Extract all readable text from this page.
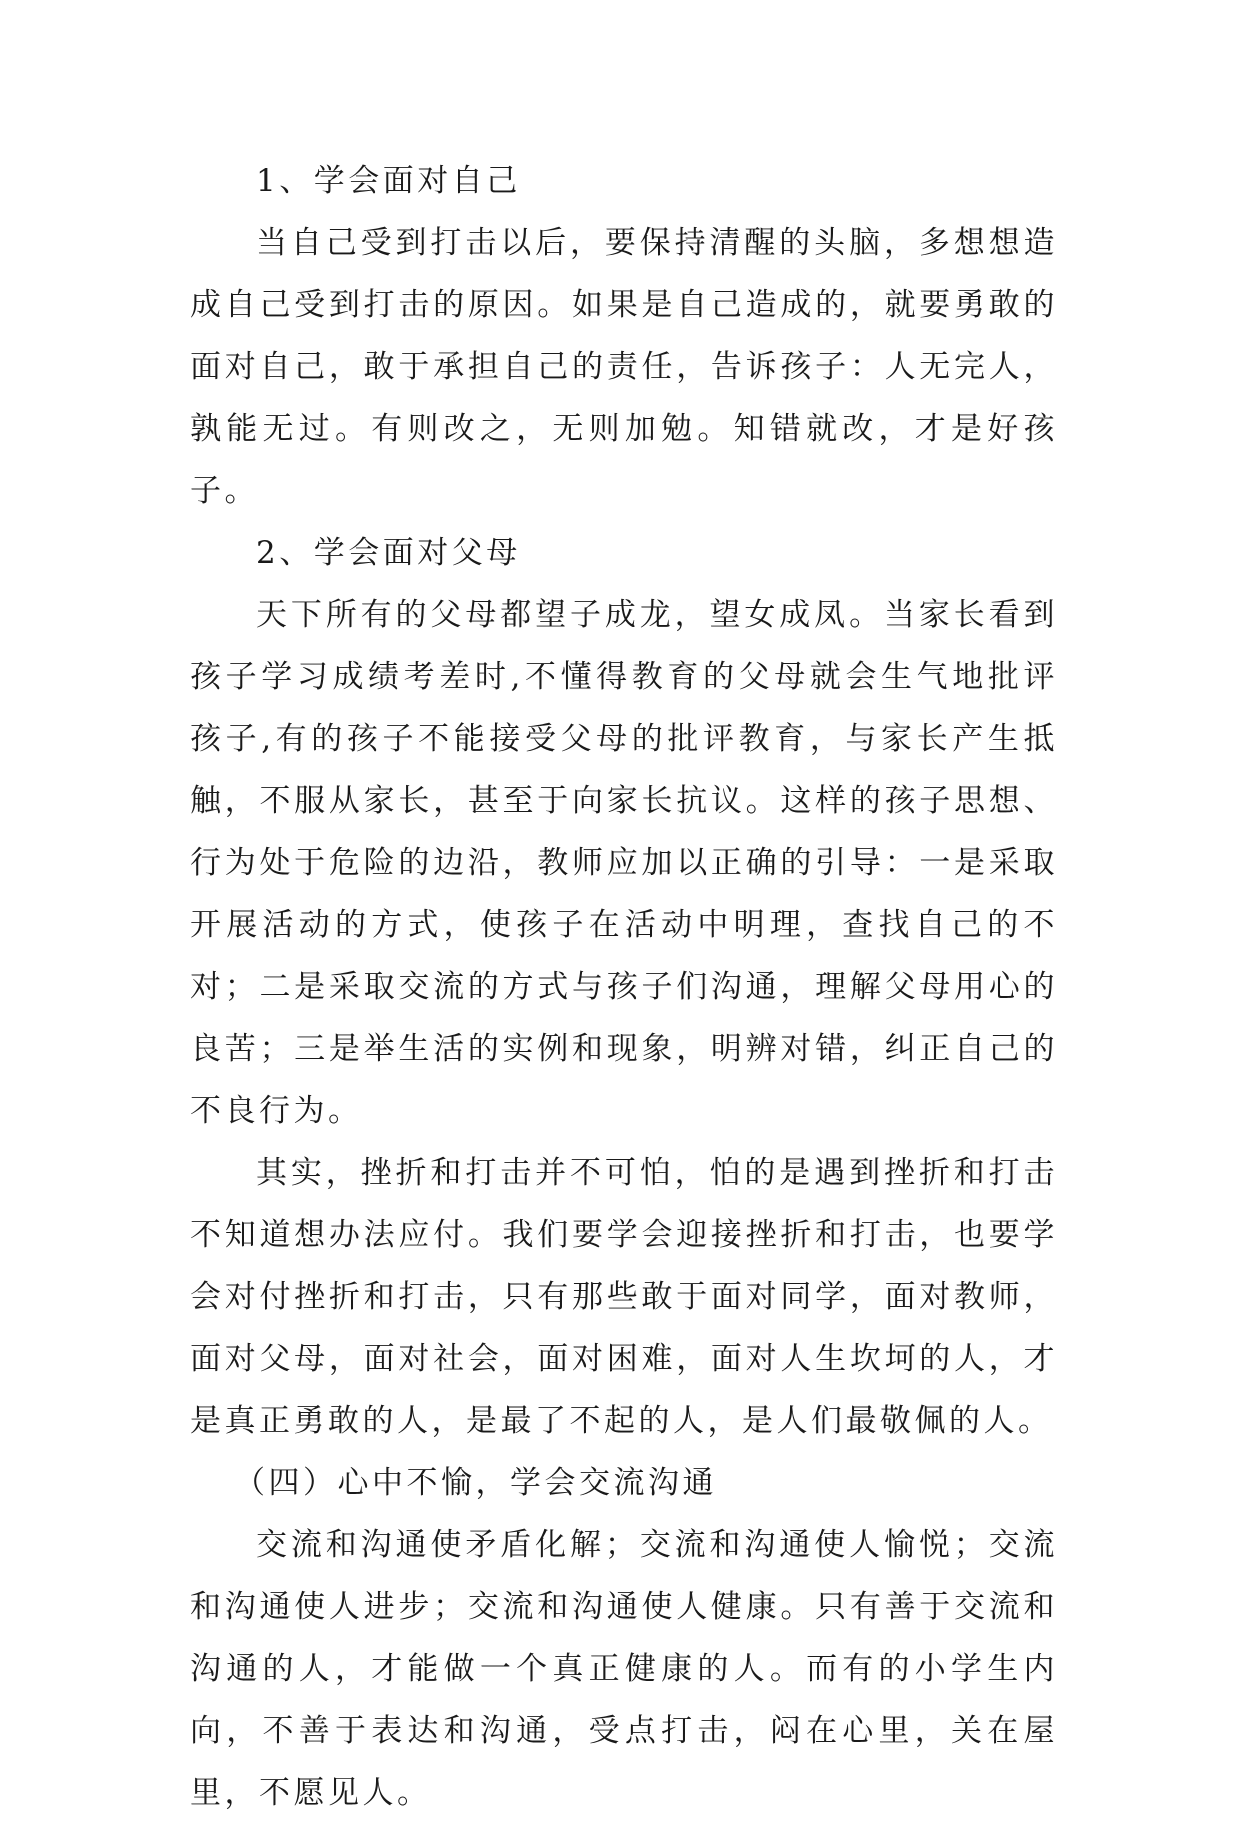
1、学会面对自己

当自己受到打击以后，要保持清醒的头脑，多想想造成自己受到打击的原因。如果是自己造成的，就要勇敢的面对自己，敢于承担自己的责任，告诉孩子：人无完人，孰能无过。有则改之，无则加勉。知错就改，才是好孩子。

2、学会面对父母

天下所有的父母都望子成龙，望女成凤。当家长看到孩子学习成绩考差时,不懂得教育的父母就会生气地批评孩子,有的孩子不能接受父母的批评教育，与家长产生抵触，不服从家长，甚至于向家长抗议。这样的孩子思想、行为处于危险的边沿，教师应加以正确的引导：一是采取开展活动的方式，使孩子在活动中明理，查找自己的不对；二是采取交流的方式与孩子们沟通，理解父母用心的良苦；三是举生活的实例和现象，明辨对错，纠正自己的不良行为。

其实，挫折和打击并不可怕，怕的是遇到挫折和打击不知道想办法应付。我们要学会迎接挫折和打击，也要学会对付挫折和打击，只有那些敢于面对同学，面对教师，面对父母，面对社会，面对困难，面对人生坎坷的人，才是真正勇敢的人，是最了不起的人，是人们最敬佩的人。

（四）心中不愉，学会交流沟通

交流和沟通使矛盾化解；交流和沟通使人愉悦；交流和沟通使人进步；交流和沟通使人健康。只有善于交流和沟通的人，才能做一个真正健康的人。而有的小学生内向，不善于表达和沟通，受点打击，闷在心里，关在屋里，不愿见人。
